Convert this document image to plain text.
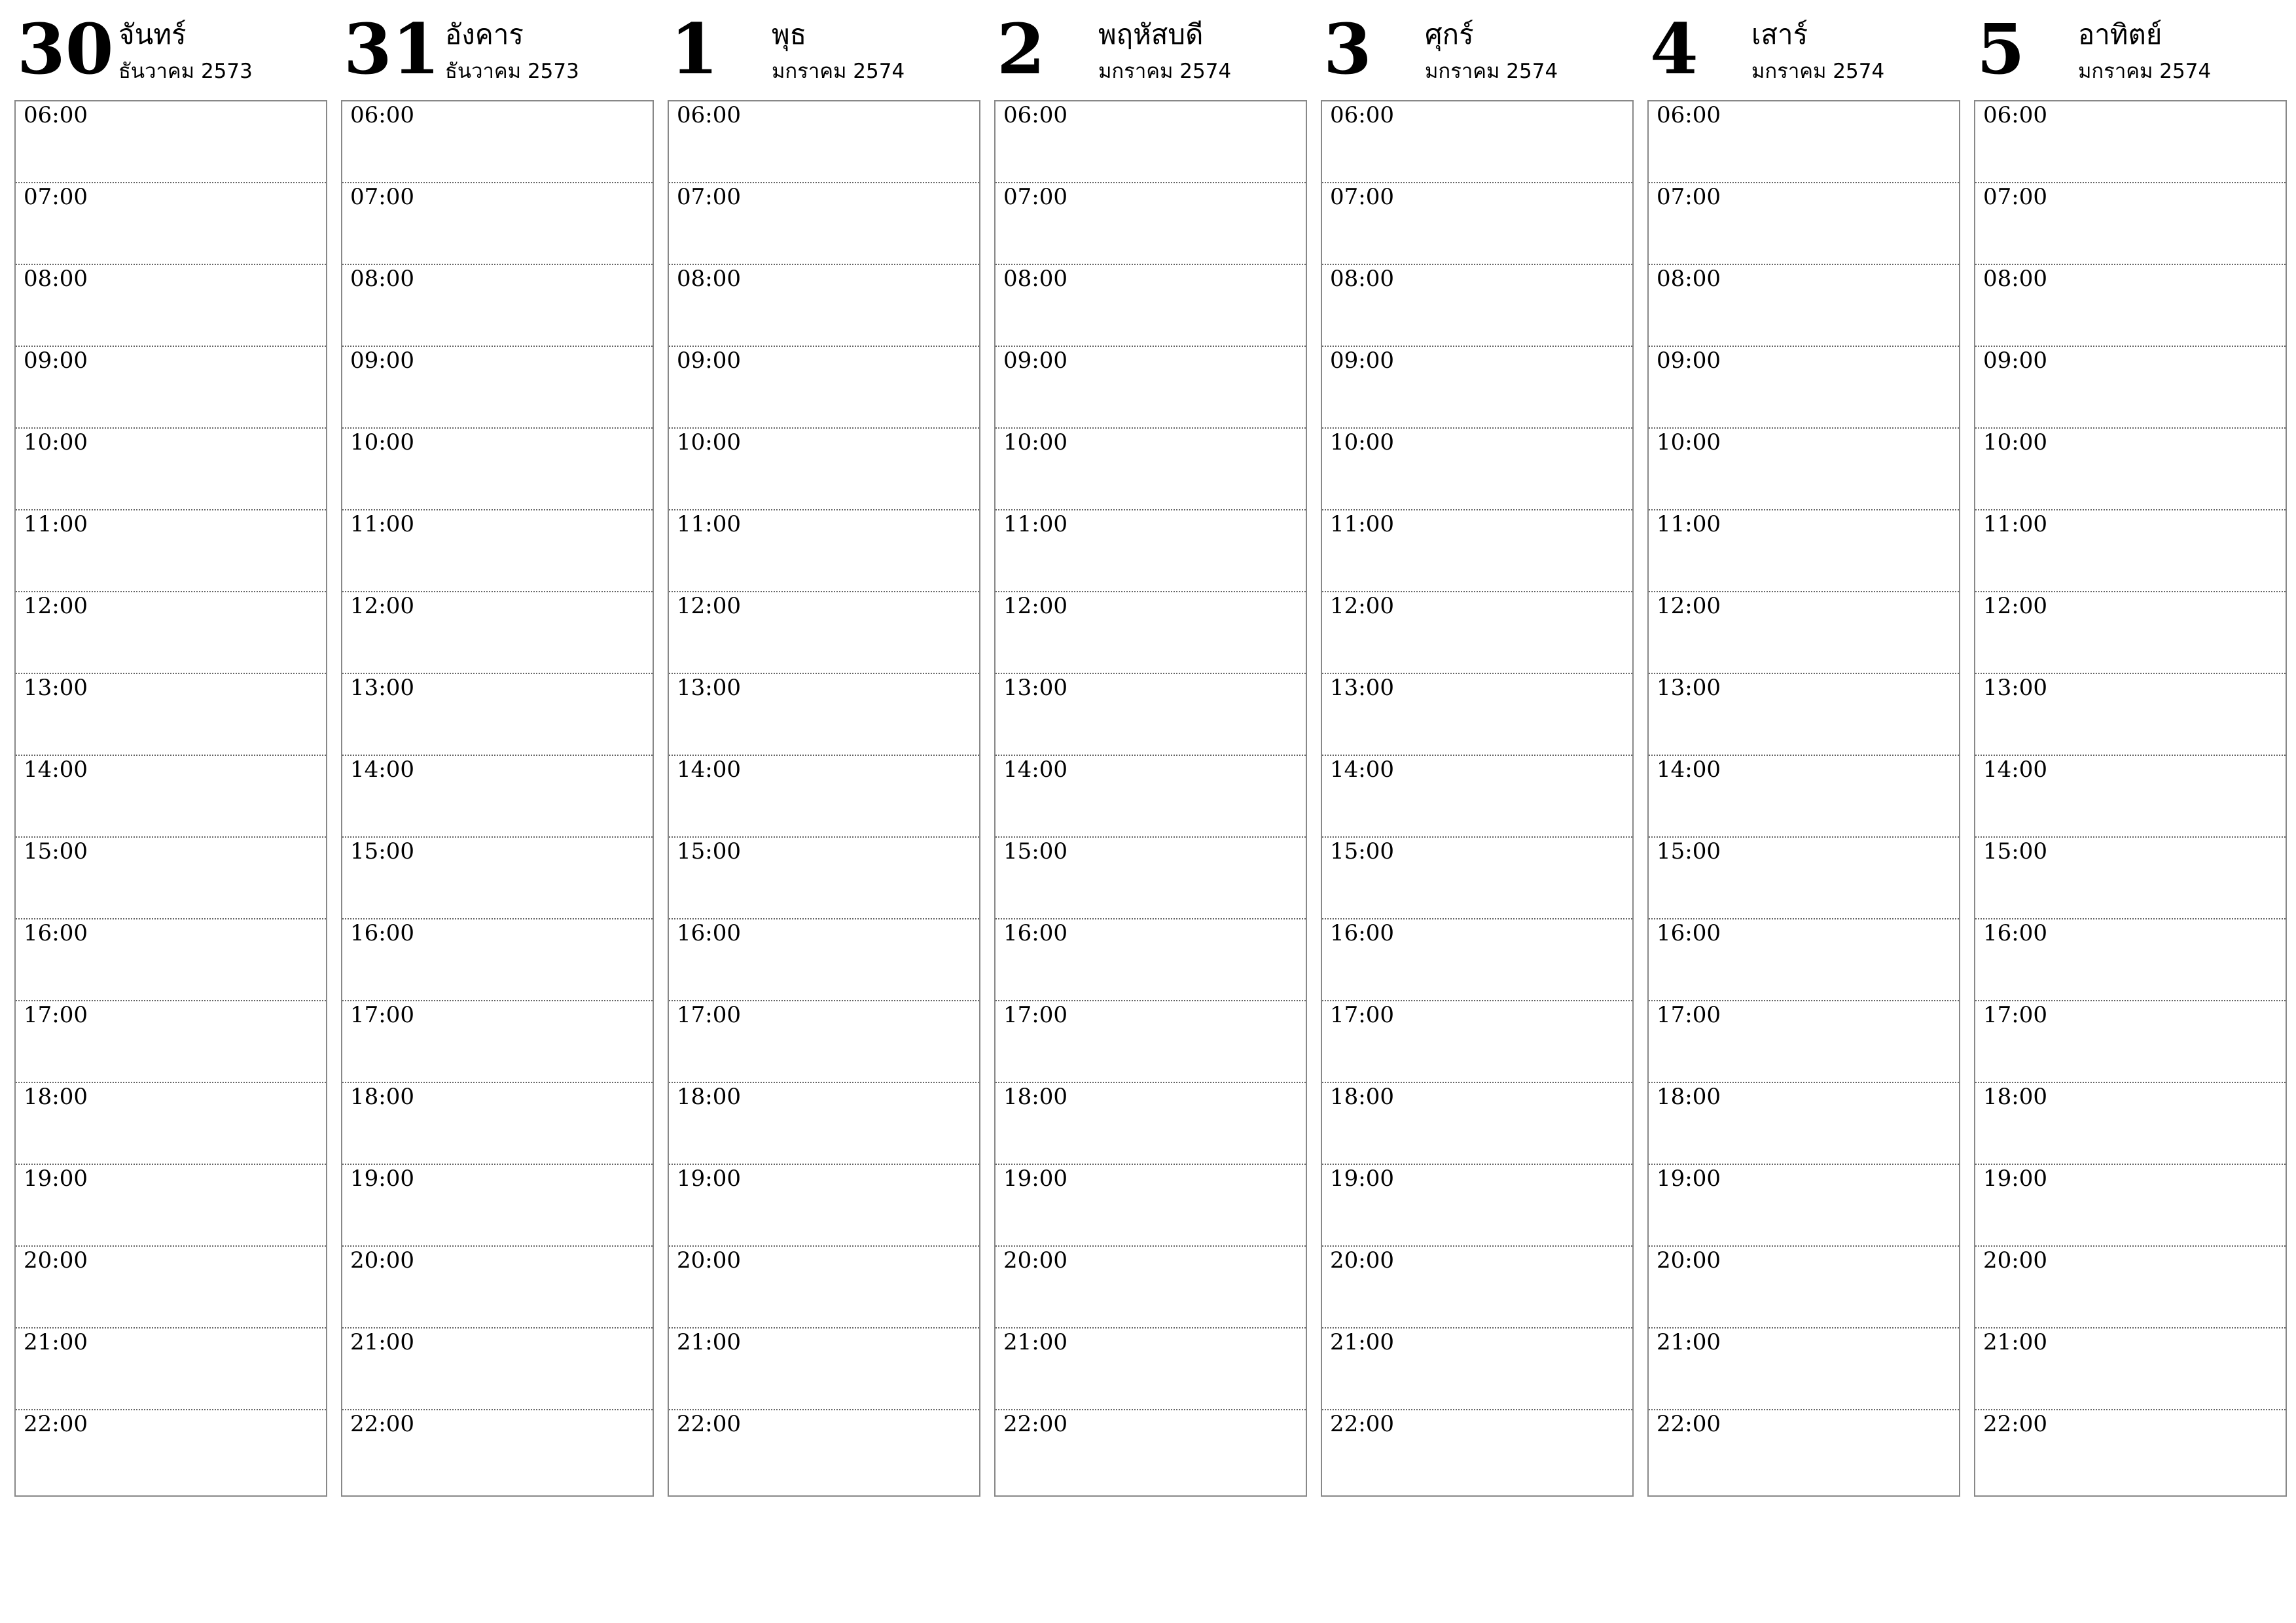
30 จันทร์
ธันวาคม 2573
06:00
07:00
08:00
09:00
10:00
11:00
12:00
13:00
14:00
15:00
16:00
17:00
18:00
19:00
20:00
21:00
22:00
31 อังคาร
ธันวาคม 2573
06:00
07:00
08:00
09:00
10:00
11:00
12:00
13:00
14:00
15:00
16:00
17:00
18:00
19:00
20:00
21:00
22:00
1 พุธ
มกราคม 2574
06:00
07:00
08:00
09:00
10:00
11:00
12:00
13:00
14:00
15:00
16:00
17:00
18:00
19:00
20:00
21:00
22:00
2 พฤหัสบดี
มกราคม 2574
06:00
07:00
08:00
09:00
10:00
11:00
12:00
13:00
14:00
15:00
16:00
17:00
18:00
19:00
20:00
21:00
22:00
3 ศุกร์
มกราคม 2574
06:00
07:00
08:00
09:00
10:00
11:00
12:00
13:00
14:00
15:00
16:00
17:00
18:00
19:00
20:00
21:00
22:00
4 เสาร์
มกราคม 2574
06:00
07:00
08:00
09:00
10:00
11:00
12:00
13:00
14:00
15:00
16:00
17:00
18:00
19:00
20:00
21:00
22:00
5 อาทิตย์
มกราคม 2574
06:00
07:00
08:00
09:00
10:00
11:00
12:00
13:00
14:00
15:00
16:00
17:00
18:00
19:00
20:00
21:00
22:00
